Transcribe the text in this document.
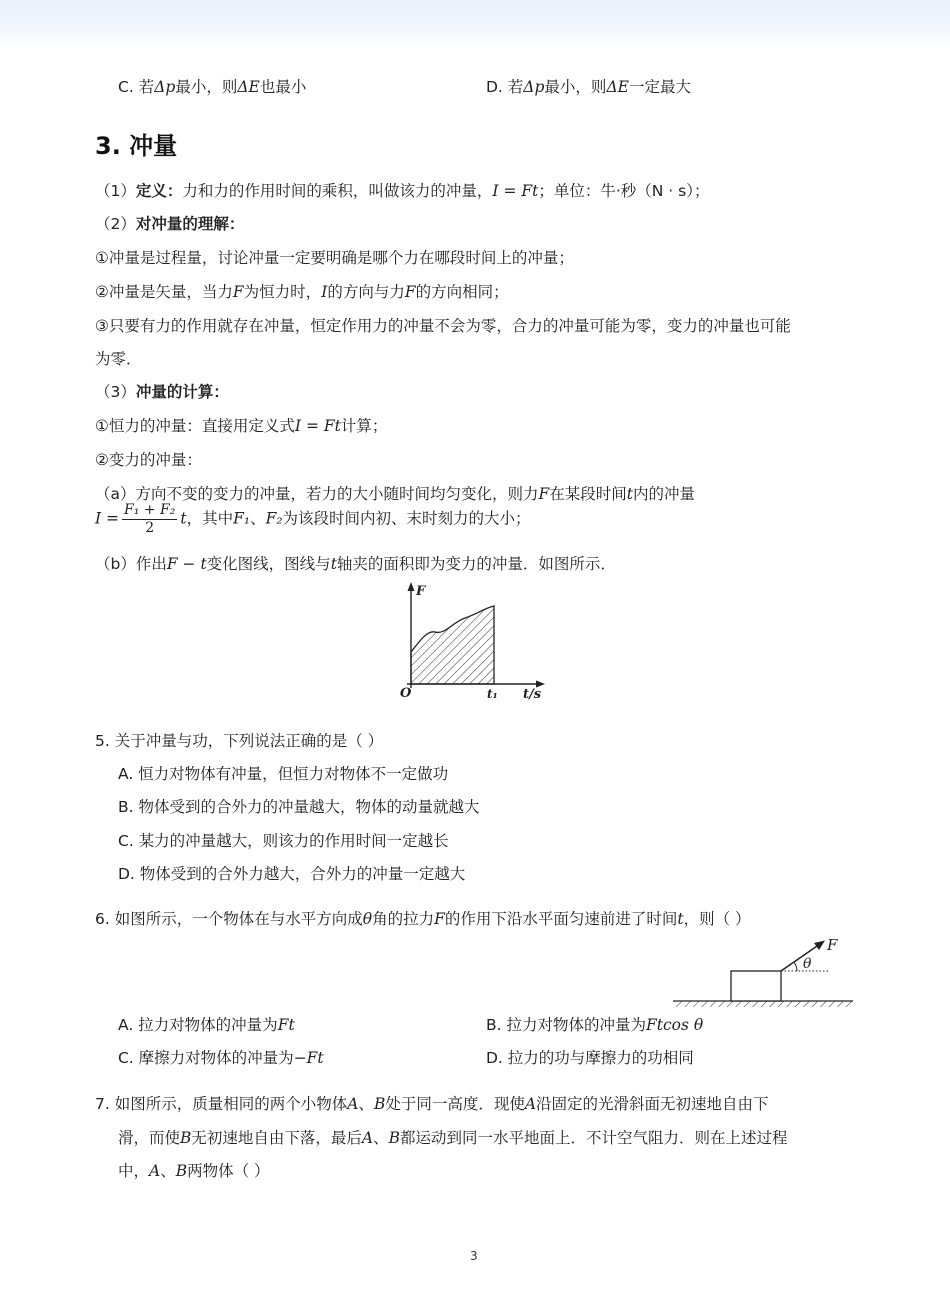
C. 若Δ𝑝最小，则Δ𝐸也最小	D. 若Δ𝑝最小，则Δ𝐸一定最大
3. 冲量
（1）定义：力和力的作用时间的乘积，叫做该力的冲量，𝐼 = 𝐹𝑡；单位：牛·秒（N · s）；
（2）对冲量的理解：
①冲量是过程量，讨论冲量一定要明确是哪个力在哪段时间上的冲量；
②冲量是矢量，当力𝐹为恒力时，𝐼的方向与力𝐹的方向相同；
③只要有力的作用就存在冲量，恒定作用力的冲量不会为零，合力的冲量可能为零，变力的冲量也可能
为零．
（3）冲量的计算：
①恒力的冲量：直接用定义式𝐼 = 𝐹𝑡计算；
②变力的冲量：
（a）方向不变的变力的冲量，若力的大小随时间均匀变化，则力𝐹在某段时间𝑡内的冲量
𝐼 = $\frac{\text{𝐹₁ + 𝐹₂}}{2}$ 𝑡，其中𝐹₁、𝐹₂为该段时间内初、末时刻力的大小；
（b）作出𝐹 − 𝑡变化图线，图线与𝑡轴夹的面积即为变力的冲量．如图所示．
F
O	t₁ t/s
5. 关于冲量与功，下列说法正确的是（ ）
A. 恒力对物体有冲量，但恒力对物体不一定做功
B. 物体受到的合外力的冲量越大，物体的动量就越大
C. 某力的冲量越大，则该力的作用时间一定越长
D. 物体受到的合外力越大，合外力的冲量一定越大
6. 如图所示，一个物体在与水平方向成θ角的拉力𝐹的作用下沿水平面匀速前进了时间𝑡，则（ ）
F
θ
A. 拉力对物体的冲量为𝐹𝑡	B. 拉力对物体的冲量为𝐹𝑡cos θ
C. 摩擦力对物体的冲量为−𝐹𝑡	D. 拉力的功与摩擦力的功相同
7. 如图所示，质量相同的两个小物体𝐴、𝐵处于同一高度．现使𝐴沿固定的光滑斜面无初速地自由下
滑，而使𝐵无初速地自由下落，最后𝐴、𝐵都运动到同一水平地面上．不计空气阻力．则在上述过程
中，𝐴、𝐵两物体（ ）
3
